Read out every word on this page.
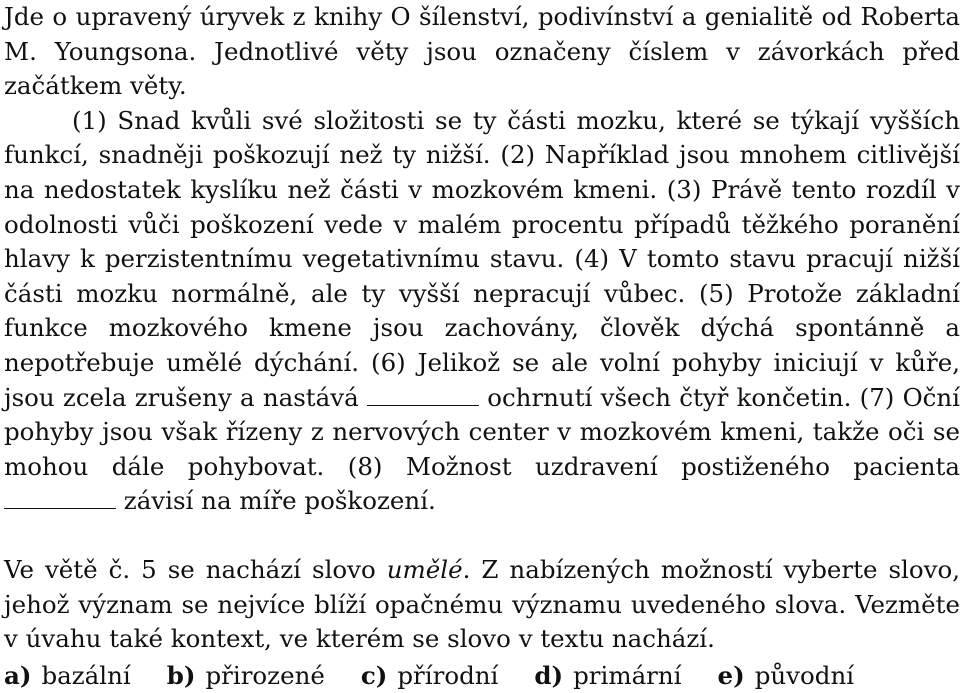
Jde o upravený úryvek z knihy O šílenství, podivínství a genialitě od Roberta M. Youngsona. Jednotlivé věty jsou označeny číslem v závorkách před začátkem věty.

(1) Snad kvůli své složitosti se ty části mozku, které se týkají vyšších funkcí, snadněji poškozují než ty nižší. (2) Například jsou mnohem citlivější na nedostatek kyslíku než části v mozkovém kmeni. (3) Právě tento rozdíl v odolnosti vůči poškození vede v malém procentu případů těžkého poranění hlavy k perzistentnímu vegetativnímu stavu. (4) V tomto stavu pracují nižší části mozku normálně, ale ty vyšší nepracují vůbec. (5) Protože základní funkce mozkového kmene jsou zachovány, člověk dýchá spontánně a nepotřebuje umělé dýchání. (6) Jelikož se ale volní pohyby iniciují v kůře, jsou zcela zrušeny a nastává	ochrnutí všech čtyř končetin. (7) Oční pohyby jsou však řízeny z nervových center v mozkovém kmeni, takže oči se mohou dále pohybovat. (8) Možnost uzdravení postiženého pacienta  závisí na míře poškození.

Ve větě č. 5 se nachází slovo umělé. Z nabízených možností vyberte slovo, jehož význam se nejvíce blíží opačnému významu uvedeného slova. Vezměte v úvahu také kontext, ve kterém se slovo v textu nachází.

a) bazální b) přirozené c) přírodní d) primární e) původní
